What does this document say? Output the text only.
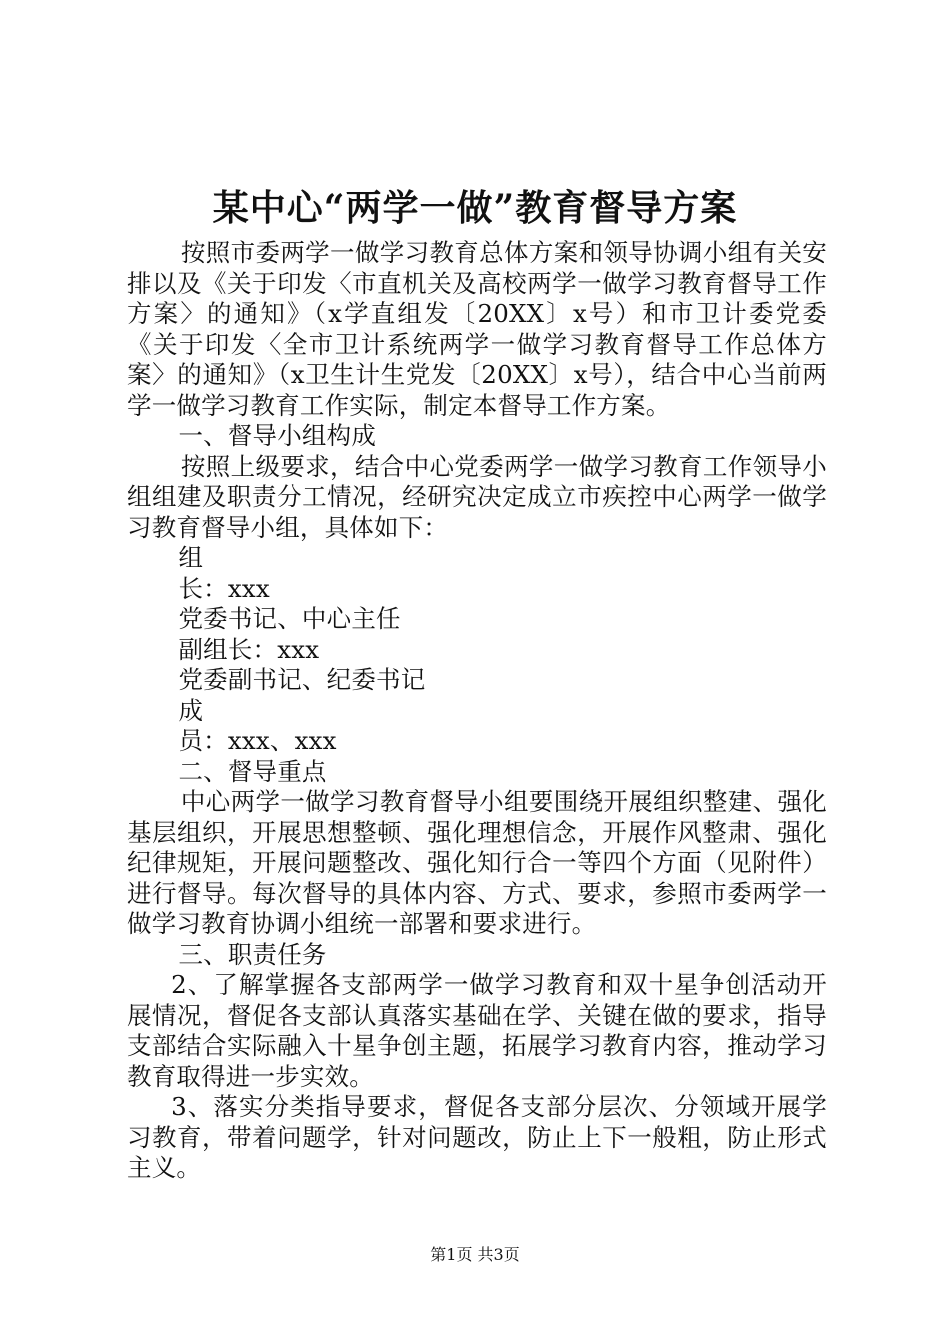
某中心“两学一做”教育督导方案

按照市委两学一做学习教育总体方案和领导协调小组有关安排以及《关于印发〈市直机关及高校两学一做学习教育督导工作方案〉的通知》（x学直组发〔20XX〕x号）和市卫计委党委《关于印发〈全市卫计系统两学一做学习教育督导工作总体方案〉的通知》（x卫生计生党发〔20XX〕x号），结合中心当前两学一做学习教育工作实际，制定本督导工作方案。

一、督导小组构成

按照上级要求，结合中心党委两学一做学习教育工作领导小组组建及职责分工情况，经研究决定成立市疾控中心两学一做学习教育督导小组，具体如下：

组

长：xxx

党委书记、中心主任

副组长：xxx

党委副书记、纪委书记

成

员：xxx、xxx

二、督导重点

中心两学一做学习教育督导小组要围绕开展组织整建、强化基层组织，开展思想整顿、强化理想信念，开展作风整肃、强化纪律规矩，开展问题整改、强化知行合一等四个方面（见附件）进行督导。每次督导的具体内容、方式、要求，参照市委两学一做学习教育协调小组统一部署和要求进行。

三、职责任务

2、了解掌握各支部两学一做学习教育和双十星争创活动开展情况，督促各支部认真落实基础在学、关键在做的要求，指导支部结合实际融入十星争创主题，拓展学习教育内容，推动学习教育取得进一步实效。

3、落实分类指导要求，督促各支部分层次、分领域开展学习教育，带着问题学，针对问题改，防止上下一般粗，防止形式主义。

第1页 共3页
